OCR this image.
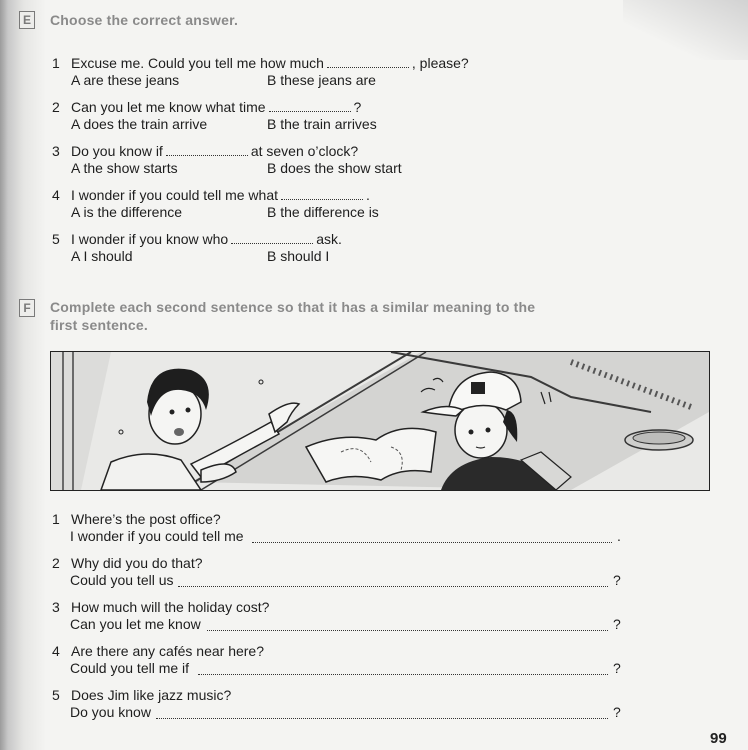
E Choose the correct answer.
1 Excuse me. Could you tell me how much	, please?
A are these jeans	B these jeans are
2 Can you let me know what time	?
A does the train arrive	B the train arrives
3 Do you know if	at seven o’clock?
A the show starts	B does the show start
4 I wonder if you could tell me what	.
A is the difference	B the difference is
5 I wonder if you know who	ask.
A I should	B should I
F	Complete each second sentence so that it has a similar meaning to the
first sentence.
1 Where’s the post office?
I wonder if you could tell me	.
2 Why did you do that?
Could you tell us	?
3 How much will the holiday cost?
Can you let me know	?
4 Are there any cafés near here?
Could you tell me if	?
5 Does Jim like jazz music?
Do you know	?
99
